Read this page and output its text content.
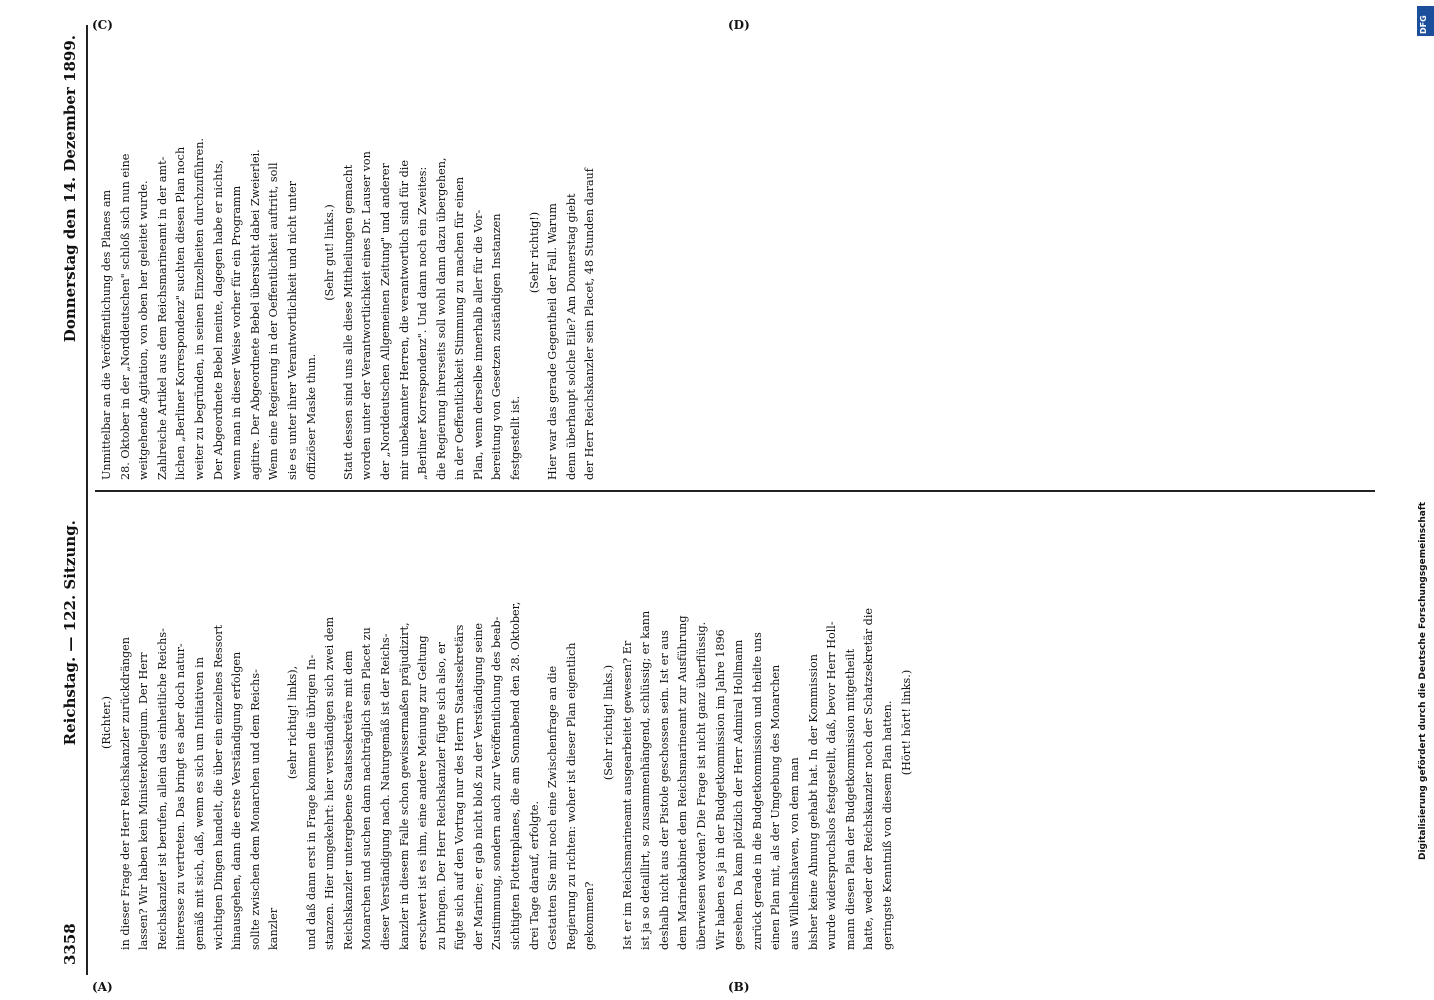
3358
Reichstag. — 122. Sitzung.
Donnerstag den 14. Dezember 1899.
(A)	(B)
(C)	(D)
(Richter.) in dieser Frage der Herr Reichskanzler zurückdrängen lassen? Wir haben kein Ministerkollegium. Der Herr Reichskanzler ist berufen, allein das einheitliche Reichs- interesse zu vertreten. Das bringt es aber doch natur- gemäß mit sich, daß, wenn es sich um Initiativen in wichtigen Dingen handelt, die über ein einzelnes Ressort hinausgehen, dann die erste Verständigung erfolgen sollte zwischen dem Monarchen und dem Reichs- kanzler
(sehr richtig! links), und daß dann erst in Frage kommen die übrigen In- stanzen. Hier umgekehrt: hier verständigen sich zwei dem Reichskanzler untergebene Staatssekretäre mit dem Monarchen und suchen dann nachträglich sein Placet zu dieser Verständigung nach. Naturgemäß ist der Reichs- kanzler in diesem Falle schon gewissermaßen präjudizirt, erschwert ist es ihm, eine andere Meinung zur Geltung zu bringen. Der Herr Reichskanzler fügte sich also, er fügte sich auf den Vortrag nur des Herrn Staatssekretärs der Marine; er gab nicht bloß zu der Verständigung seine Zustimmung, sondern auch zur Veröffentlichung des beab- sichtigten Flottenplanes, die am Sonnabend den 28. Oktober, drei Tage darauf, erfolgte. Gestatten Sie mir noch eine Zwischenfrage an die Regierung zu richten: woher ist dieser Plan eigentlich gekommen?
(Sehr richtig! links.) Ist er im Reichsmarineamt ausgearbeitet gewesen? Er ist ja so detaillirt, so zusammenhängend, schlüssig; er kann deshalb nicht aus der Pistole geschossen sein. Ist er aus dem Marinekabinet dem Reichsmarineamt zur Ausführung überwiesen worden? Die Frage ist nicht ganz überflüssig. Wir haben es ja in der Budgetkommission im Jahre 1896 gesehen. Da kam plötzlich der Herr Admiral Hollmann zurück gerade in die Budgetkommission und theilte uns einen Plan mit, als der Umgebung des Monarchen aus Wilhelmshaven, von dem man bisher keine Ahnung gehabt hat. In der Kommission wurde widerspruchslos festgestellt, daß, bevor Herr Holl- mann diesen Plan der Budgetkommission mitgetheilt hatte, weder der Reichskanzler noch der Schatzsekretär die geringste Kenntniß von diesem Plan hatten. (Hört! hört! links.)
Unmittelbar an die Veröffentlichung des Planes am 28. Oktober in der „Norddeutschen" schloß sich nun eine weitgehende Agitation, von oben her geleitet wurde. Zahlreiche Artikel aus dem Reichsmarineamt in der amt- lichen „Berliner Korrespondenz" suchten diesen Plan noch weiter zu begründen, in seinen Einzelheiten durchzuführen. Der Abgeordnete Bebel meinte, dagegen habe er nichts, wenn man in dieser Weise vorher für ein Programm agitire. Der Abgeordnete Bebel übersieht dabei Zweierlei. Wenn eine Regierung in der Oeffentlichkeit auftritt, soll sie es unter ihrer Verantwortlichkeit und nicht unter offiziöser Maske thun.
(Sehr gut! links.) Statt dessen sind uns alle diese Mittheilungen gemacht worden unter der Verantwortlichkeit eines Dr. Lauser von der „Norddeutschen Allgemeinen Zeitung" und anderer mir unbekannter Herren, die verantwortlich sind für die „Berliner Korrespondenz". Und dann noch ein Zweites: die Regierung ihrerseits soll wohl dann dazu übergehen, in der Oeffentlichkeit Stimmung zu machen für einen Plan, wenn derselbe innerhalb aller für die Vor- bereitung von Gesetzen zuständigen Instanzen festgestellt ist.
(Sehr richtig!) Hier war das gerade Gegentheil der Fall. Warum denn überhaupt solche Eile? Am Donnerstag giebt der Herr Reichskanzler sein Placet, 48 Stunden darauf
Digitalisierung gefördert durch die Deutsche Forschungsgemeinschaft
DFG
